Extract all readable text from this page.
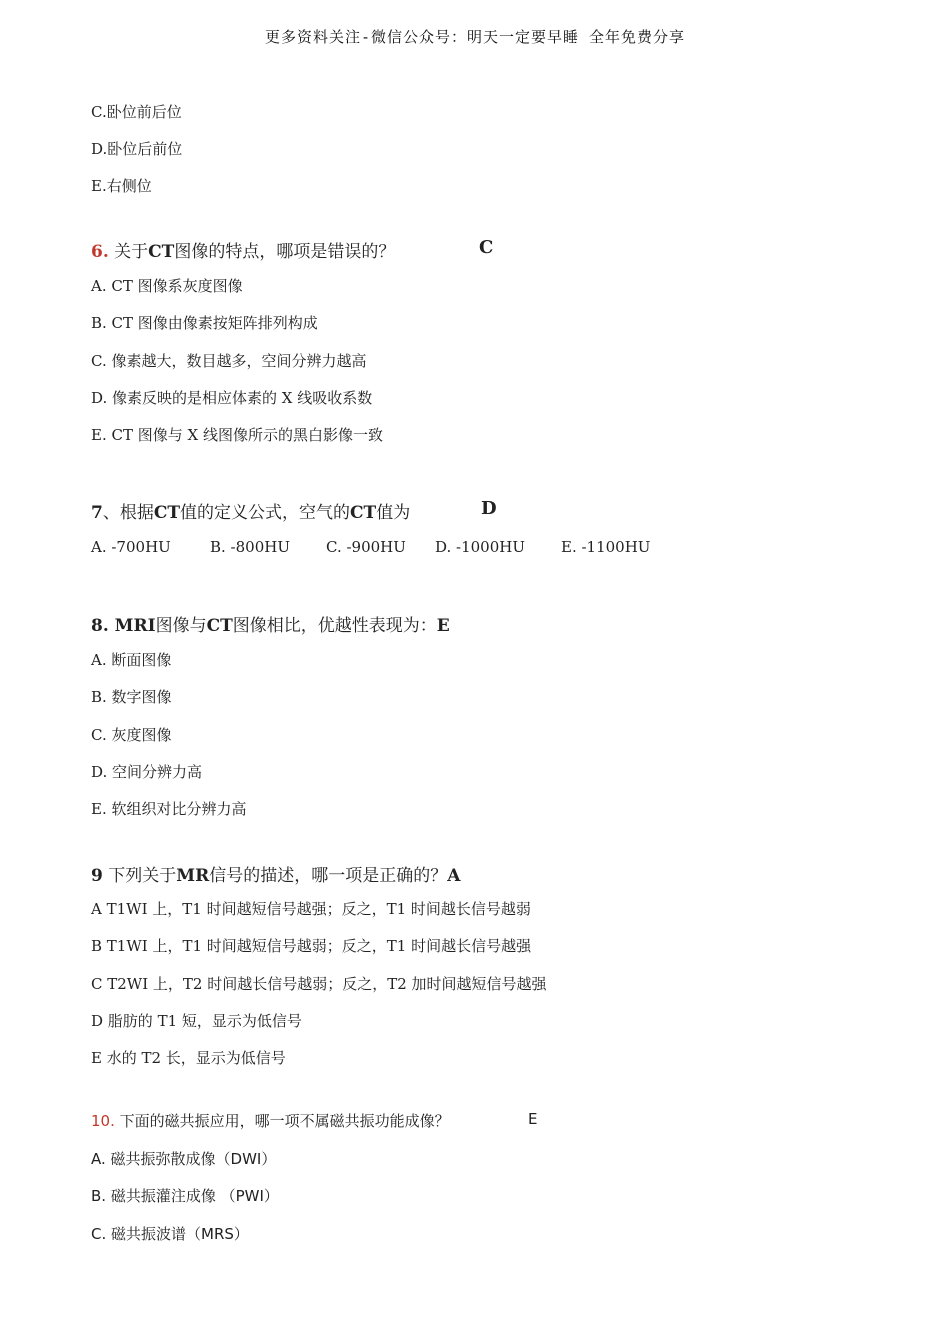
更多资料关注-微信公众号：明天一定要早睡 全年免费分享
C.卧位前后位
D.卧位后前位
E.右侧位
6. 关于CT图像的特点，哪项是错误的？	C
A. CT 图像系灰度图像
B. CT 图像由像素按矩阵排列构成
C. 像素越大，数目越多，空间分辨力越高
D. 像素反映的是相应体素的 X 线吸收系数
E. CT 图像与 X 线图像所示的黑白影像一致
7、根据CT值的定义公式，空气的CT值为	D
A. -700HU	B. -800HU C. -900HU D. -1000HU E. -1100HU
8. MRI图像与CT图像相比，优越性表现为：E
A. 断面图像
B. 数字图像
C. 灰度图像
D. 空间分辨力高
E. 软组织对比分辨力高
9 下列关于MR信号的描述，哪一项是正确的？A
A T1WI 上，T1 时间越短信号越强；反之，T1 时间越长信号越弱
B T1WI 上，T1 时间越短信号越弱；反之，T1 时间越长信号越强
C T2WI 上，T2 时间越长信号越弱；反之，T2 加时间越短信号越强
D 脂肪的 T1 短，显示为低信号
E 水的 T2 长，显示为低信号
10. 下面的磁共振应用，哪一项不属磁共振功能成像？	E
A. 磁共振弥散成像（DWI）
B. 磁共振灌注成像 （PWI）
C. 磁共振波谱（MRS）
